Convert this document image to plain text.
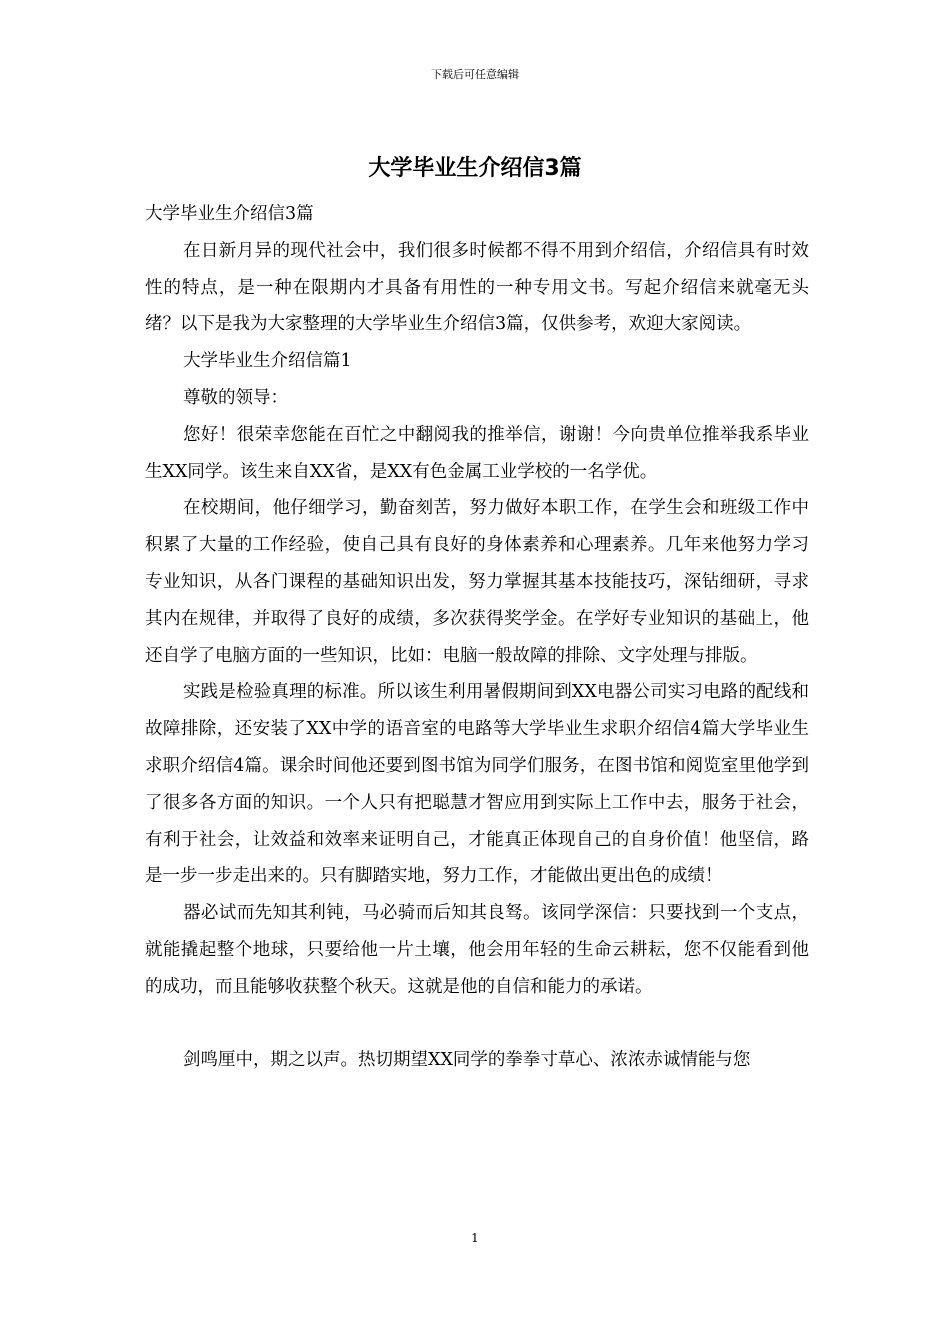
下载后可任意编辑
大学毕业生介绍信3篇

大学毕业生介绍信3篇

在日新月异的现代社会中，我们很多时候都不得不用到介绍信，介绍信具有时效性的特点，是一种在限期内才具备有用性的一种专用文书。写起介绍信来就毫无头绪？以下是我为大家整理的大学毕业生介绍信3篇，仅供参考，欢迎大家阅读。

大学毕业生介绍信篇1

尊敬的领导：

您好！很荣幸您能在百忙之中翻阅我的推举信，谢谢！今向贵单位推举我系毕业生XX同学。该生来自XX省，是XX有色金属工业学校的一名学优。

在校期间，他仔细学习，勤奋刻苦，努力做好本职工作，在学生会和班级工作中积累了大量的工作经验，使自己具有良好的身体素养和心理素养。几年来他努力学习专业知识，从各门课程的基础知识出发，努力掌握其基本技能技巧，深钻细研，寻求其内在规律，并取得了良好的成绩，多次获得奖学金。在学好专业知识的基础上，他还自学了电脑方面的一些知识，比如：电脑一般故障的排除、文字处理与排版。

实践是检验真理的标准。所以该生利用暑假期间到XX电器公司实习电路的配线和故障排除，还安装了XX中学的语音室的电路等大学毕业生求职介绍信4篇大学毕业生求职介绍信4篇。课余时间他还要到图书馆为同学们服务，在图书馆和阅览室里他学到了很多各方面的知识。一个人只有把聪慧才智应用到实际上工作中去，服务于社会，有利于社会，让效益和效率来证明自己，才能真正体现自己的自身价值！他坚信，路是一步一步走出来的。只有脚踏实地，努力工作，才能做出更出色的成绩！

器必试而先知其利钝，马必骑而后知其良驽。该同学深信：只要找到一个支点，就能撬起整个地球，只要给他一片土壤，他会用年轻的生命云耕耘，您不仅能看到他的成功，而且能够收获整个秋天。这就是他的自信和能力的承诺。

剑鸣厘中，期之以声。热切期望XX同学的拳拳寸草心、浓浓赤诚情能与您

1
